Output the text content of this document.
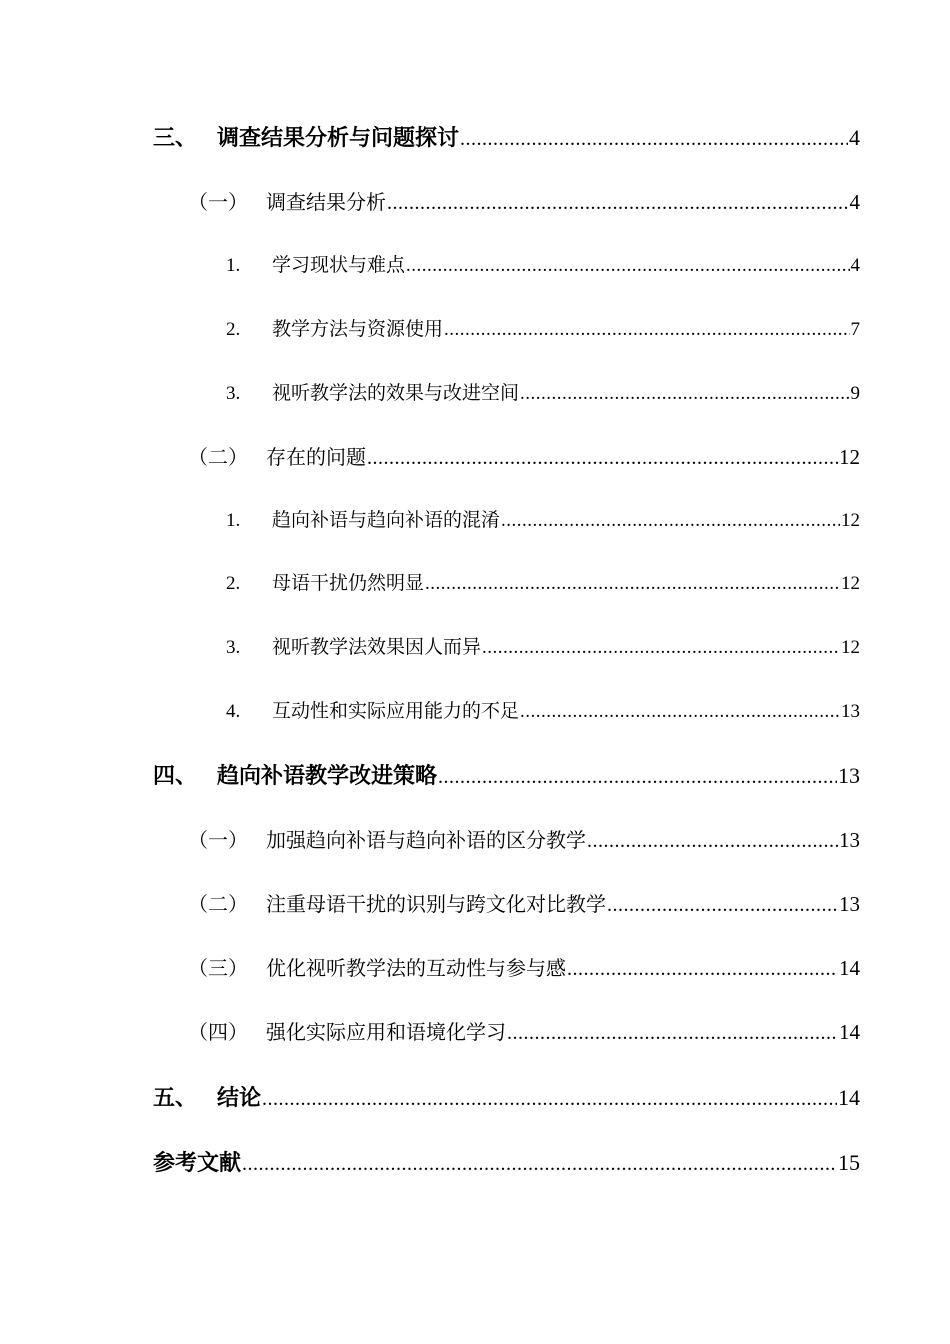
三、 调查结果分析与问题探讨 .....	4
（一） 调查结果分析 .....	4
1.	学习现状与难点 .....	4
2.	教学方法与资源使用 .....	7
3.	视听教学法的效果与改进空间 .....	9
（二） 存在的问题 .....	12
1.	趋向补语与趋向补语的混淆 .....	12
2.	母语干扰仍然明显 .....	12
3.	视听教学法效果因人而异 .....	12
4.	互动性和实际应用能力的不足 .....	13
四、 趋向补语教学改进策略 .....	13
（一） 加强趋向补语与趋向补语的区分教学 .....	13
（二） 注重母语干扰的识别与跨文化对比教学 .....	13
（三） 优化视听教学法的互动性与参与感 .....	14
（四） 强化实际应用和语境化学习 .....	14
五、 结论 .....	14
参考文献 .....	15
